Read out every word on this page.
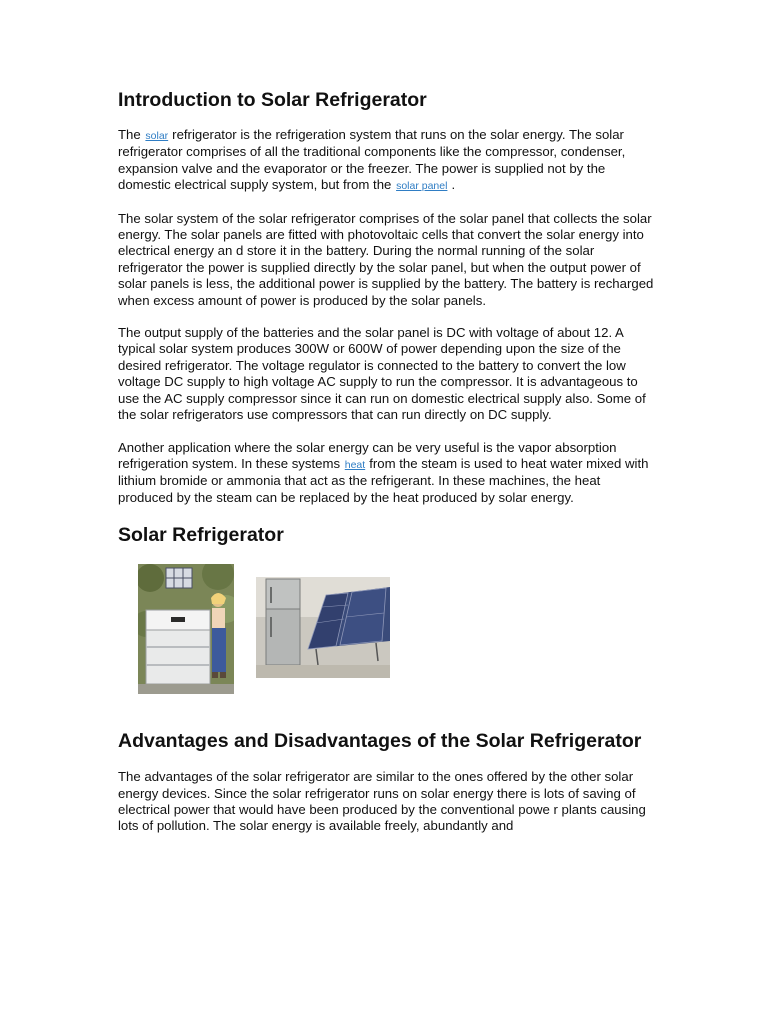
Introduction to Solar Refrigerator

The solar refrigerator is the refrigeration system that runs on the solar energy. The solar refrigerator comprises of all the traditional components like the compressor, condenser, expansion valve and the evaporator or the freezer. The power is supplied not by the domestic electrical supply system, but from the solar panel .

The solar system of the solar refrigerator comprises of the solar panel that collects the solar energy. The solar panels are fitted with photovoltaic cells that convert the solar energy into electrical energy an d store it in the battery. During the normal running of the solar refrigerator the power is supplied directly by the solar panel, but when the output power of solar panels is less, the additional power is supplied by the battery. The battery is recharged when excess amount of power is produced by the solar panels.

The output supply of the batteries and the solar panel is DC with voltage of about 12. A typical solar system produces 300W or 600W of power depending upon the size of the desired refrigerator. The voltage regulator is connected to the battery to convert the low voltage DC supply to high voltage AC supply to run the compressor. It is advantageous to use the AC supply compressor since it can run on domestic electrical supply also. Some of the solar refrigerators use compressors that can run directly on DC supply.

Another application where the solar energy can be very useful is the vapor absorption refrigeration system. In these systems heat from the steam is used to heat water mixed with lithium bromide or ammonia that act as the refrigerant. In these machines, the heat produced by the steam can be replaced by the heat produced by solar energy.

Solar Refrigerator
Advantages and Disadvantages of the Solar Refrigerator

The advantages of the solar refrigerator are similar to the ones offered by the other solar energy devices. Since the solar refrigerator runs on solar energy there is lots of saving of electrical power that would have been produced by the conventional powe r plants causing lots of pollution. The solar energy is available freely, abundantly and
